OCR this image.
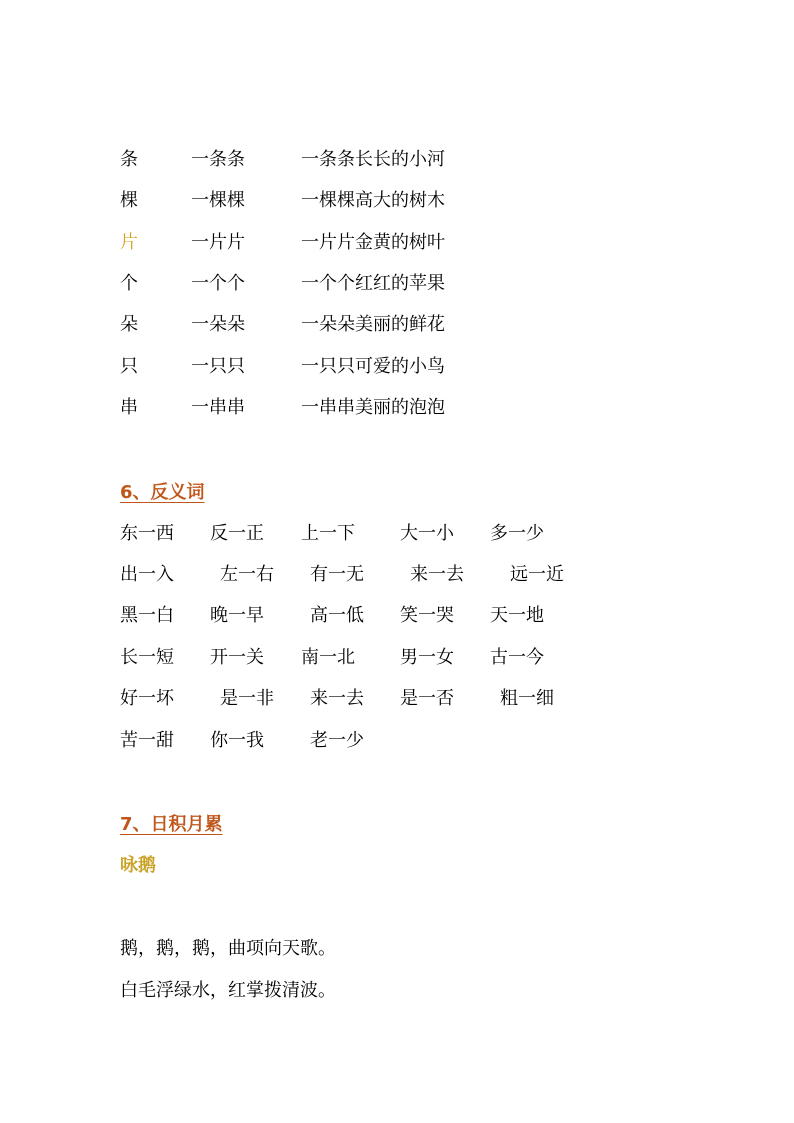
条	一条条	一条条长长的小河
棵	一棵棵	一棵棵高大的树木
片	一片片	一片片金黄的树叶
个	一个个	一个个红红的苹果
朵	一朵朵	一朵朵美丽的鲜花
只	一只只	一只只可爱的小鸟
串	一串串	一串串美丽的泡泡
6、反义词
东一西 反一正 上一下	大一小 多一少
出一入	左一右 有一无	来一去	远一近
黑一白 晚一早	高一低 笑一哭 天一地
长一短 开一关 南一北	男一女 古一今
好一坏	是一非 来一去 是一否	粗一细
苦一甜 你一我	老一少
7、日积月累
咏鹅
鹅，鹅，鹅，曲项向天歌。
白毛浮绿水，红掌拨清波。
